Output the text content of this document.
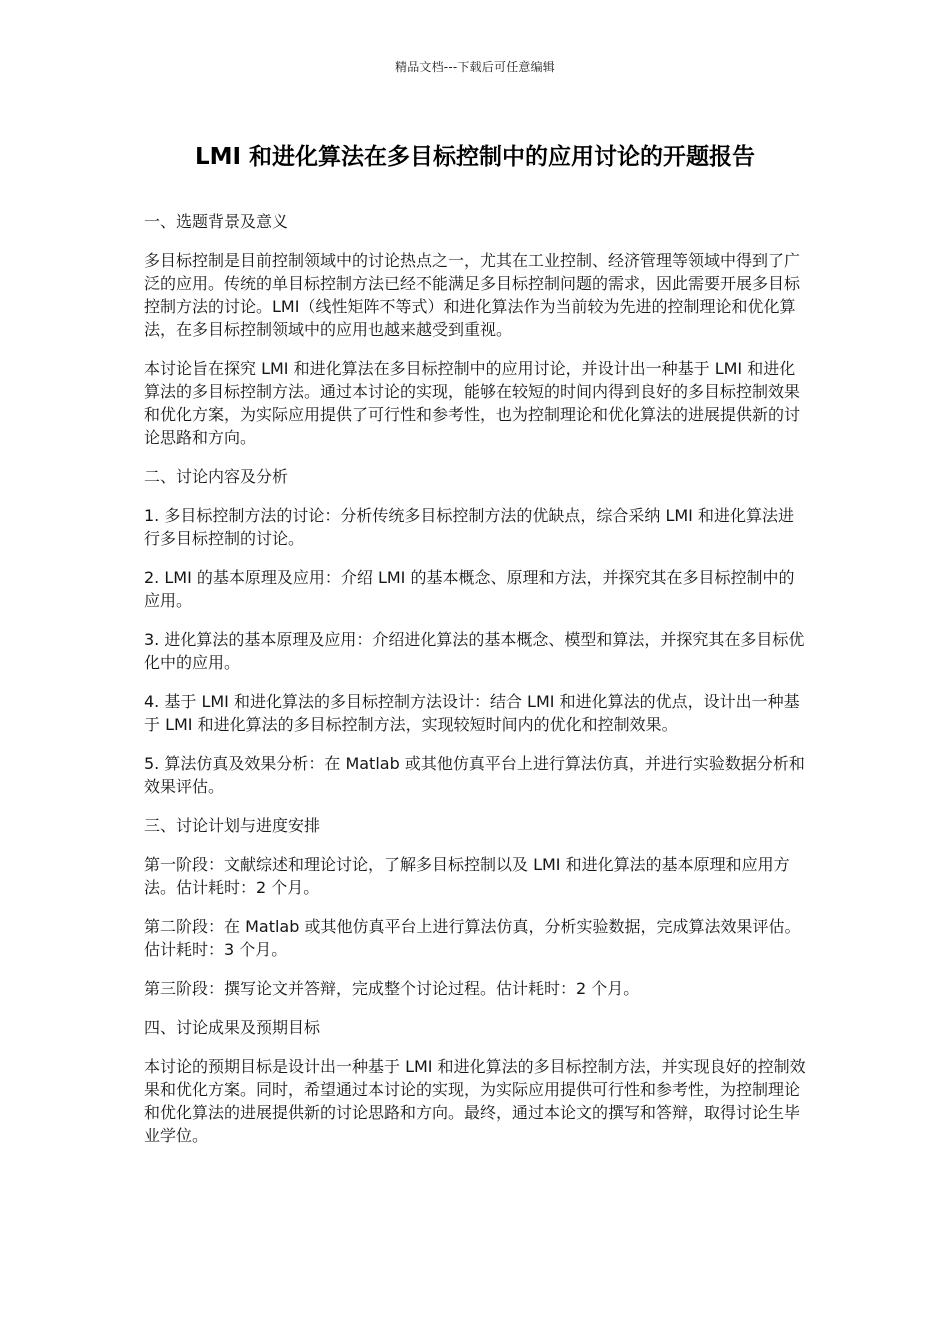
精品文档---下载后可任意编辑
LMI 和进化算法在多目标控制中的应用讨论的开题报告

一、选题背景及意义

多目标控制是目前控制领域中的讨论热点之一，尤其在工业控制、经济管理等领域中得到了广泛的应用。传统的单目标控制方法已经不能满足多目标控制问题的需求，因此需要开展多目标控制方法的讨论。LMI（线性矩阵不等式）和进化算法作为当前较为先进的控制理论和优化算法，在多目标控制领域中的应用也越来越受到重视。

本讨论旨在探究 LMI 和进化算法在多目标控制中的应用讨论，并设计出一种基于 LMI 和进化算法的多目标控制方法。通过本讨论的实现，能够在较短的时间内得到良好的多目标控制效果和优化方案，为实际应用提供了可行性和参考性，也为控制理论和优化算法的进展提供新的讨论思路和方向。

二、讨论内容及分析

1. 多目标控制方法的讨论：分析传统多目标控制方法的优缺点，综合采纳 LMI 和进化算法进行多目标控制的讨论。

2. LMI 的基本原理及应用：介绍 LMI 的基本概念、原理和方法，并探究其在多目标控制中的应用。

3. 进化算法的基本原理及应用：介绍进化算法的基本概念、模型和算法，并探究其在多目标优化中的应用。

4. 基于 LMI 和进化算法的多目标控制方法设计：结合 LMI 和进化算法的优点，设计出一种基于 LMI 和进化算法的多目标控制方法，实现较短时间内的优化和控制效果。

5. 算法仿真及效果分析：在 Matlab 或其他仿真平台上进行算法仿真，并进行实验数据分析和效果评估。

三、讨论计划与进度安排

第一阶段：文献综述和理论讨论，了解多目标控制以及 LMI 和进化算法的基本原理和应用方法。估计耗时：2 个月。

第二阶段：在 Matlab 或其他仿真平台上进行算法仿真，分析实验数据，完成算法效果评估。估计耗时：3 个月。

第三阶段：撰写论文并答辩，完成整个讨论过程。估计耗时：2 个月。

四、讨论成果及预期目标

本讨论的预期目标是设计出一种基于 LMI 和进化算法的多目标控制方法，并实现良好的控制效果和优化方案。同时，希望通过本讨论的实现，为实际应用提供可行性和参考性，为控制理论和优化算法的进展提供新的讨论思路和方向。最终，通过本论文的撰写和答辩，取得讨论生毕业学位。
